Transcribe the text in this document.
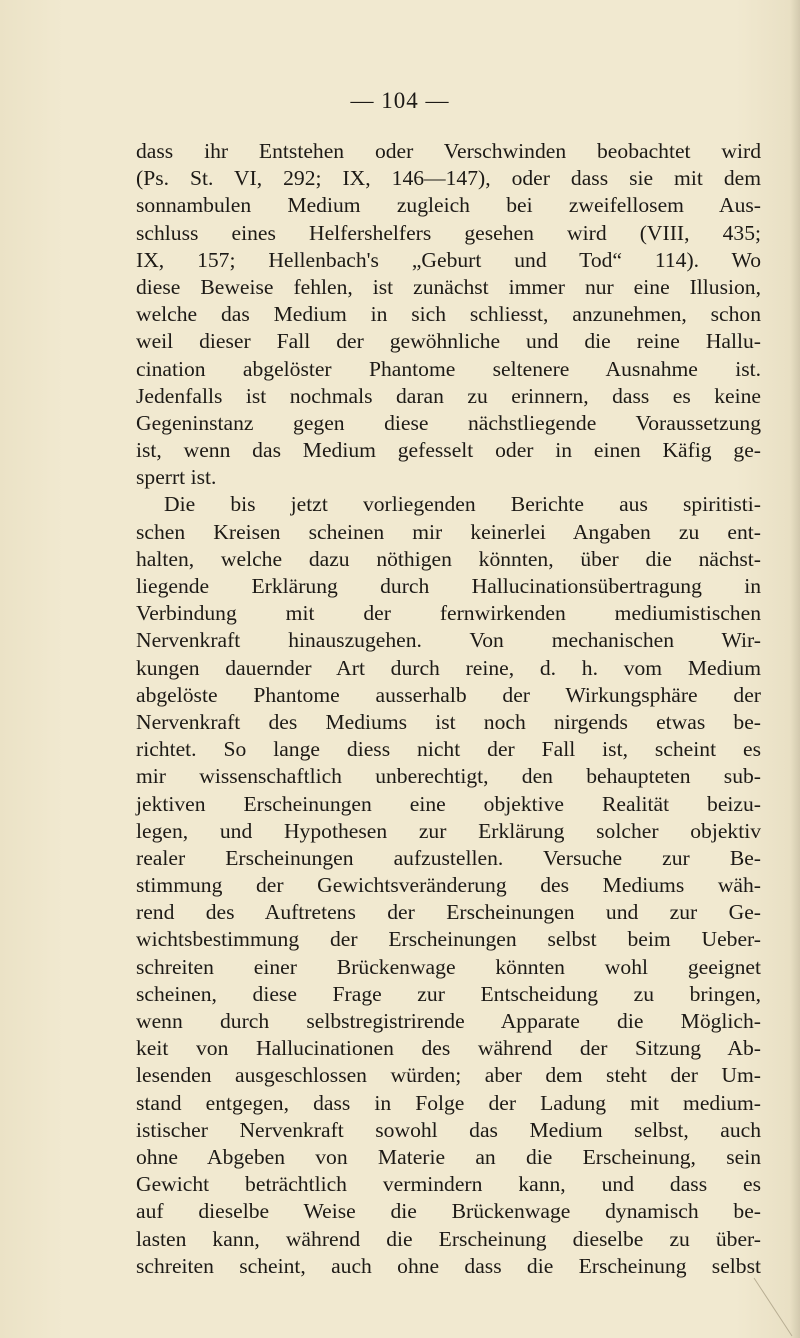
— 104 —
dass ihr Entstehen oder Verschwinden beobachtet wird
(Ps. St. VI, 292; IX, 146—147), oder dass sie mit dem
sonnambulen Medium zugleich bei zweifellosem Aus-
schluss eines Helfershelfers gesehen wird (VIII, 435;
IX, 157; Hellenbach's „Geburt und Tod“ 114). Wo
diese Beweise fehlen, ist zunächst immer nur eine Illusion,
welche das Medium in sich schliesst, anzunehmen, schon
weil dieser Fall der gewöhnliche und die reine Hallu-
cination abgelöster Phantome seltenere Ausnahme ist.
Jedenfalls ist nochmals daran zu erinnern, dass es keine
Gegeninstanz gegen diese nächstliegende Voraussetzung
ist, wenn das Medium gefesselt oder in einen Käfig ge-
sperrt ist.
Die bis jetzt vorliegenden Berichte aus spiritisti-
schen Kreisen scheinen mir keinerlei Angaben zu ent-
halten, welche dazu nöthigen könnten, über die nächst-
liegende Erklärung durch Hallucinationsübertragung in
Verbindung mit der fernwirkenden mediumistischen
Nervenkraft hinauszugehen. Von mechanischen Wir-
kungen dauernder Art durch reine, d. h. vom Medium
abgelöste Phantome ausserhalb der Wirkungsphäre der
Nervenkraft des Mediums ist noch nirgends etwas be-
richtet. So lange diess nicht der Fall ist, scheint es
mir wissenschaftlich unberechtigt, den behaupteten sub-
jektiven Erscheinungen eine objektive Realität beizu-
legen, und Hypothesen zur Erklärung solcher objektiv
realer Erscheinungen aufzustellen. Versuche zur Be-
stimmung der Gewichtsveränderung des Mediums wäh-
rend des Auftretens der Erscheinungen und zur Ge-
wichtsbestimmung der Erscheinungen selbst beim Ueber-
schreiten einer Brückenwage könnten wohl geeignet
scheinen, diese Frage zur Entscheidung zu bringen,
wenn durch selbstregistrirende Apparate die Möglich-
keit von Hallucinationen des während der Sitzung Ab-
lesenden ausgeschlossen würden; aber dem steht der Um-
stand entgegen, dass in Folge der Ladung mit medium-
istischer Nervenkraft sowohl das Medium selbst, auch
ohne Abgeben von Materie an die Erscheinung, sein
Gewicht beträchtlich vermindern kann, und dass es
auf dieselbe Weise die Brückenwage dynamisch be-
lasten kann, während die Erscheinung dieselbe zu über-
schreiten scheint, auch ohne dass die Erscheinung selbst
